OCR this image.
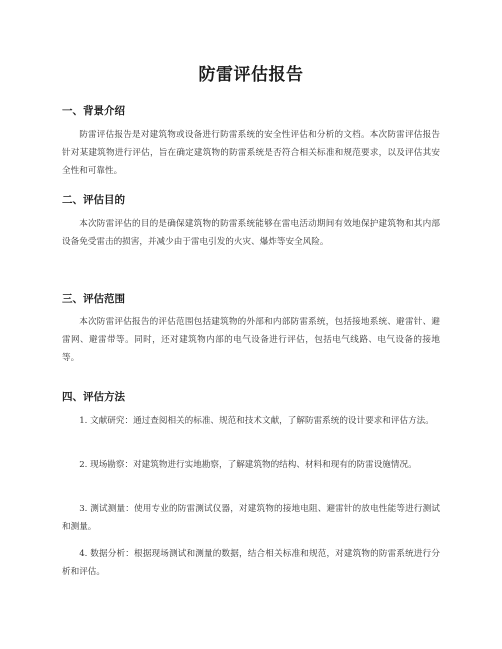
防雷评估报告
一、背景介绍
防雷评估报告是对建筑物或设备进行防雷系统的安全性评估和分析的文档。本次防雷评估报告针对某建筑物进行评估，旨在确定建筑物的防雷系统是否符合相关标准和规范要求，以及评估其安全性和可靠性。
二、评估目的
本次防雷评估的目的是确保建筑物的防雷系统能够在雷电活动期间有效地保护建筑物和其内部设备免受雷击的损害，并减少由于雷电引发的火灾、爆炸等安全风险。
三、评估范围
本次防雷评估报告的评估范围包括建筑物的外部和内部防雷系统，包括接地系统、避雷针、避雷网、避雷带等。同时，还对建筑物内部的电气设备进行评估，包括电气线路、电气设备的接地等。
四、评估方法
1. 文献研究：通过查阅相关的标准、规范和技术文献，了解防雷系统的设计要求和评估方法。
2. 现场勘察：对建筑物进行实地勘察，了解建筑物的结构、材料和现有的防雷设施情况。
3. 测试测量：使用专业的防雷测试仪器，对建筑物的接地电阻、避雷针的放电性能等进行测试和测量。
4. 数据分析：根据现场测试和测量的数据，结合相关标准和规范，对建筑物的防雷系统进行分析和评估。
